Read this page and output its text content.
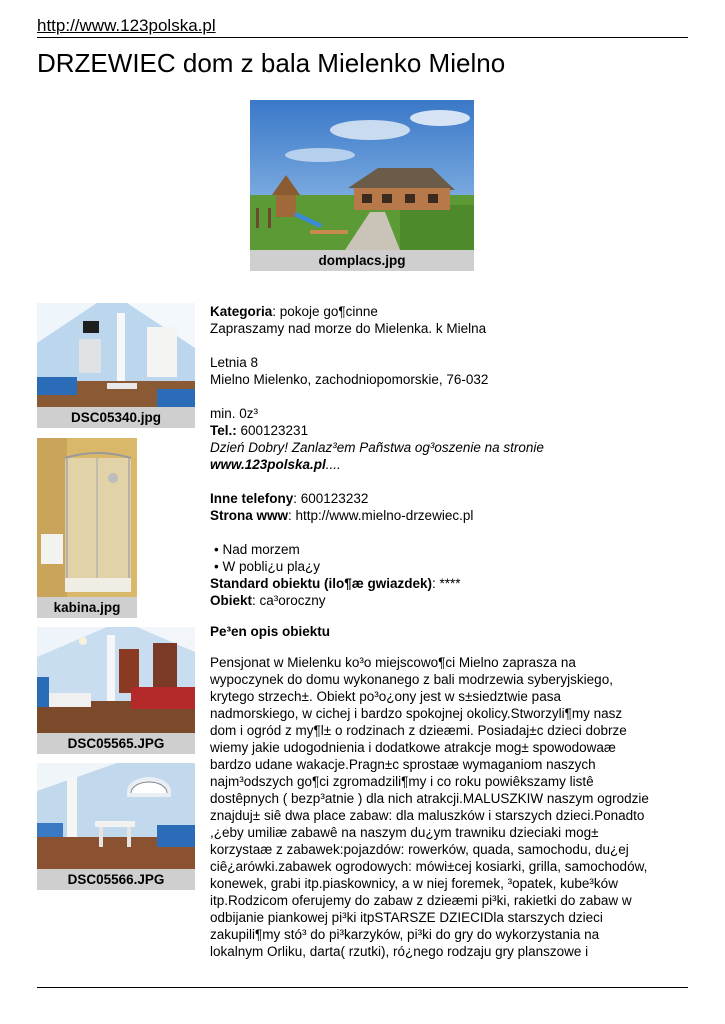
http://www.123polska.pl
DRZEWIEC dom z bala Mielenko Mielno
domplacs.jpg
DSC05340.jpg
kabina.jpg
DSC05565.JPG
DSC05566.JPG

Kategoria: pokoje go¶cinne

Zapraszamy nad morze do Mielenka. k Mielna

Letnia 8

Mielno Mielenko, zachodniopomorskie, 76-032

min. 0z³

Tel.: 600123231

Dzień Dobry! Zanlaz³em Pañstwa og³oszenie na stronie

www.123polska.pl....

Inne telefony: 600123232

Strona www: http://www.mielno-drzewiec.pl

• Nad morzem

• W pobli¿u pla¿y

Standard obiektu (ilo¶æ gwiazdek): ****

Obiekt: ca³oroczny

Pe³en opis obiektu

Pensjonat w Mielenku ko³o miejscowo¶ci Mielno zaprasza na

wypoczynek do domu wykonanego z bali modrzewia syberyjskiego,

krytego strzech±. Obiekt po³o¿ony jest w s±siedztwie pasa

nadmorskiego, w cichej i bardzo spokojnej okolicy.Stworzyli¶my nasz

dom i ogród z my¶l± o rodzinach z dzieæmi. Posiadaj±c dzieci dobrze

wiemy jakie udogodnienia i dodatkowe atrakcje mog± spowodowaæ

bardzo udane wakacje.Pragn±c sprostaæ wymaganiom naszych

najm³odszych go¶ci zgromadzili¶my i co roku powiêkszamy listê

dostêpnych ( bezp³atnie ) dla nich atrakcji.MALUSZKIW naszym ogrodzie

znajduj± siê dwa place zabaw: dla maluszków i starszych dzieci.Ponadto

,¿eby umiliæ zabawê na naszym du¿ym trawniku dzieciaki mog±

korzystaæ z zabawek:pojazdów: rowerków, quada, samochodu, du¿ej

ciê¿arówki.zabawek ogrodowych: mówi±cej kosiarki, grilla, samochodów,

konewek, grabi itp.piaskownicy, a w niej foremek, ³opatek, kube³ków

itp.Rodzicom oferujemy do zabaw z dzieæmi pi³ki, rakietki do zabaw w

odbijanie piankowej pi³ki itpSTARSZE DZIECIDla starszych dzieci

zakupili¶my stó³ do pi³karzyków, pi³ki do gry do wykorzystania na

lokalnym Orliku, darta( rzutki), ró¿nego rodzaju gry planszowe i
